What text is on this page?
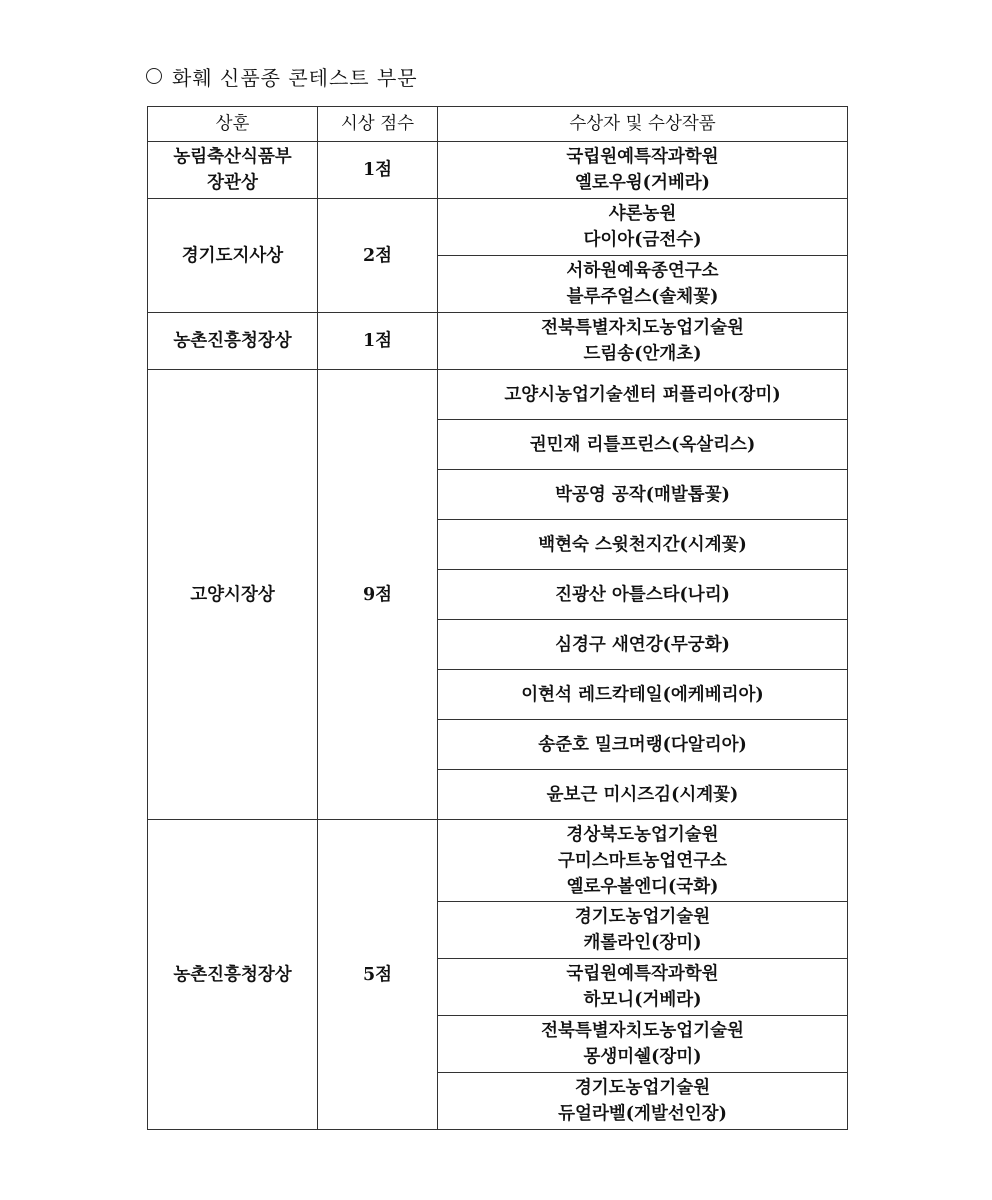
화훼 신품종 콘테스트 부문
상훈	시상 점수	수상자 및 수상작품

농림축산식품부
장관상	1점	국립원예특작과학원
옐로우윙(거베라)

경기도지사상	2점	샤론농원
다이아(금전수)

		서하원예육종연구소
블루주얼스(솔체꽃)

농촌진흥청장상	1점	전북특별자치도농업기술원
드림송(안개초)

고양시장상	9점	고양시농업기술센터 퍼플리아(장미)

		권민재 리틀프린스(옥살리스)

		박공영 공작(매발톱꽃)

		백현숙 스윗천지간(시계꽃)

		진광산 아틀스타(나리)

		심경구 새연강(무궁화)

		이현석 레드칵테일(에케베리아)

		송준호 밀크머랭(다알리아)

		윤보근 미시즈김(시계꽃)

농촌진흥청장상	5점	경상북도농업기술원
구미스마트농업연구소
옐로우볼엔디(국화)

		경기도농업기술원
캐롤라인(장미)

		국립원예특작과학원
하모니(거베라)

		전북특별자치도농업기술원
몽생미쉘(장미)

		경기도농업기술원
듀얼라벨(게발선인장)
